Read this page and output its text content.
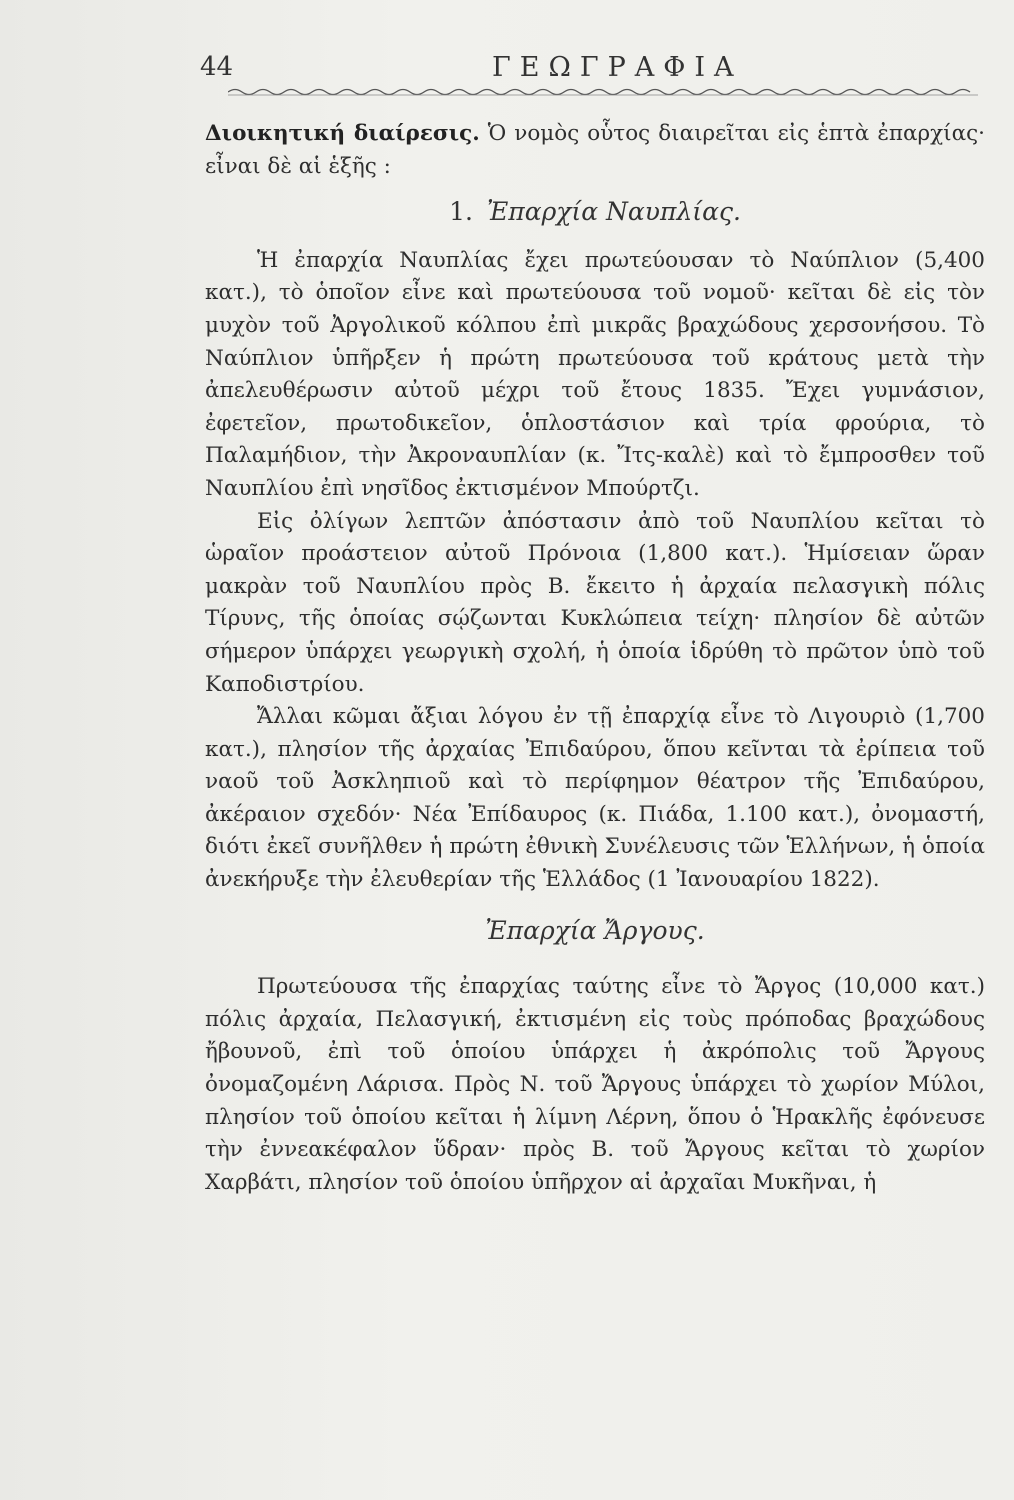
44	ΓΕΩΓΡΑΦΙΑ

Διοικητική διαίρεσις. Ὁ νομὸς οὗτος διαιρεῖται εἰς ἑπτὰ ἐπαρχίας· εἶναι δὲ αἱ ἑξῆς :

1. Ἐπαρχία Ναυπλίας.

Ἡ ἐπαρχία Ναυπλίας ἔχει πρωτεύουσαν τὸ Ναύπλιον (5,400 κατ.), τὸ ὁποῖον εἶνε καὶ πρωτεύουσα τοῦ νομοῦ· κεῖται δὲ εἰς τὸν μυχὸν τοῦ Ἀργολικοῦ κόλπου ἐπὶ μικρᾶς βραχώδους χερσονήσου. Τὸ Ναύπλιον ὑπῆρξεν ἡ πρώτη πρωτεύουσα τοῦ κράτους μετὰ τὴν ἀπελευθέρωσιν αὐτοῦ μέχρι τοῦ ἔτους 1835. Ἔχει γυμνάσιον, ἐφετεῖον, πρωτοδικεῖον, ὁπλοστάσιον καὶ τρία φρούρια, τὸ Παλαμήδιον, τὴν Ἀκροναυπλίαν (κ. Ἴτς-καλὲ) καὶ τὸ ἔμπροσθεν τοῦ Ναυπλίου ἐπὶ νησῖδος ἐκτισμένον Μπούρτζι.

Εἰς ὀλίγων λεπτῶν ἀπόστασιν ἀπὸ τοῦ Ναυπλίου κεῖται τὸ ὡραῖον προάστειον αὐτοῦ Πρόνοια (1,800 κατ.). Ἡμίσειαν ὥραν μακρὰν τοῦ Ναυπλίου πρὸς Β. ἔκειτο ἡ ἀρχαία πελασγικὴ πόλις Τίρυνς, τῆς ὁποίας σῴζωνται Κυκλώπεια τείχη· πλησίον δὲ αὐτῶν σήμερον ὑπάρχει γεωργικὴ σχολή, ἡ ὁποία ἱδρύθη τὸ πρῶτον ὑπὸ τοῦ Καποδιστρίου.

Ἄλλαι κῶμαι ἄξιαι λόγου ἐν τῇ ἐπαρχίᾳ εἶνε τὸ Λιγουριὸ (1,700 κατ.), πλησίον τῆς ἀρχαίας Ἐπιδαύρου, ὅπου κεῖνται τὰ ἐρίπεια τοῦ ναοῦ τοῦ Ἀσκληπιοῦ καὶ τὸ περίφημον θέατρον τῆς Ἐπιδαύρου, ἀκέραιον σχεδόν· Νέα Ἐπίδαυρος (κ. Πιάδα, 1.100 κατ.), ὀνομαστή, διότι ἐκεῖ συνῆλθεν ἡ πρώτη ἐθνικὴ Συνέλευσις τῶν Ἑλλήνων, ἡ ὁποία ἀνεκήρυξε τὴν ἐλευθερίαν τῆς Ἑλλάδος (1 Ἰανουαρίου 1822).

Ἐπαρχία Ἄργους.

Πρωτεύουσα τῆς ἐπαρχίας ταύτης εἶνε τὸ Ἄργος (10,000 κατ.) πόλις ἀρχαία, Πελασγική, ἐκτισμένη εἰς τοὺς πρόποδας βραχώδους ἤβουνοῦ, ἐπὶ τοῦ ὁποίου ὑπάρχει ἡ ἀκρόπολις τοῦ Ἄργους ὀνομαζομένη Λάρισα. Πρὸς Ν. τοῦ Ἄργους ὑπάρχει τὸ χωρίον Μύλοι, πλησίον τοῦ ὁποίου κεῖται ἡ λίμνη Λέρνη, ὅπου ὁ Ἡρακλῆς ἐφόνευσε τὴν ἐννεακέφαλον ὕδραν· πρὸς Β. τοῦ Ἄργους κεῖται τὸ χωρίον Χαρβάτι, πλησίον τοῦ ὁποίου ὑπῆρχον αἱ ἀρχαῖαι Μυκῆναι, ἡ
